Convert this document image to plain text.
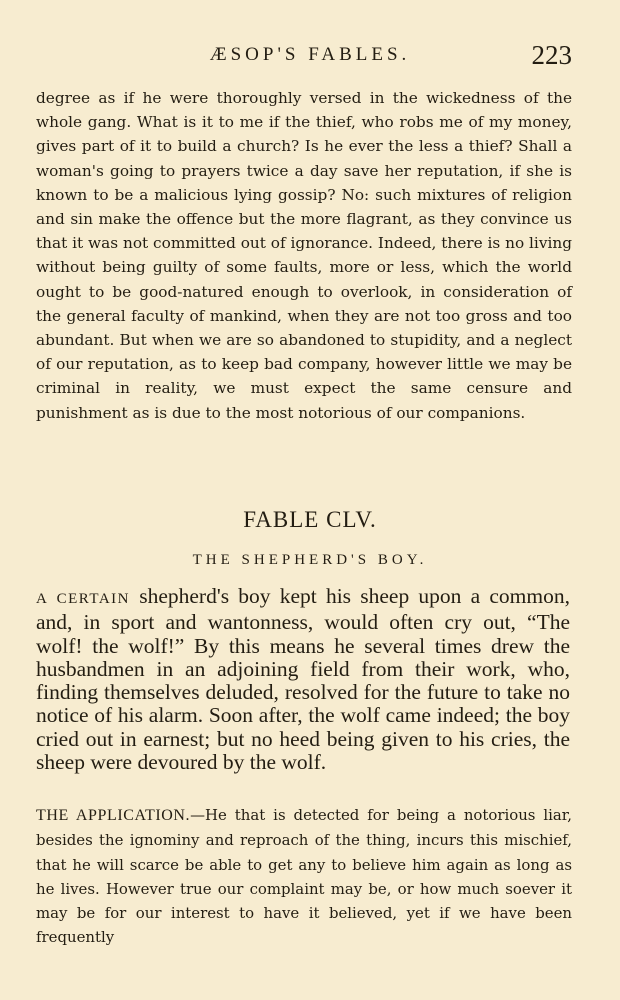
ÆSOP'S FABLES.	223

degree as if he were thoroughly versed in the wickedness of the whole gang. What is it to me if the thief, who robs me of my money, gives part of it to build a church? Is he ever the less a thief? Shall a woman's going to prayers twice a day save her reputation, if she is known to be a malicious lying gossip? No: such mixtures of religion and sin make the offence but the more flagrant, as they convince us that it was not committed out of ignorance. Indeed, there is no living without being guilty of some faults, more or less, which the world ought to be good-natured enough to overlook, in consideration of the general faculty of mankind, when they are not too gross and too abundant. But when we are so abandoned to stupidity, and a neglect of our reputation, as to keep bad company, however little we may be criminal in reality, we must expect the same censure and punishment as is due to the most notorious of our companions.

FABLE CLV.
THE SHEPHERD'S BOY.

A CERTAIN shepherd's boy kept his sheep upon a common, and, in sport and wantonness, would often cry out, “The wolf! the wolf!” By this means he several times drew the husbandmen in an adjoining field from their work, who, finding themselves deluded, resolved for the future to take no notice of his alarm. Soon after, the wolf came indeed; the boy cried out in earnest; but no heed being given to his cries, the sheep were devoured by the wolf.

THE APPLICATION.—He that is detected for being a notorious liar, besides the ignominy and reproach of the thing, incurs this mischief, that he will scarce be able to get any to believe him again as long as he lives. However true our complaint may be, or how much soever it may be for our interest to have it believed, yet if we have been frequently
